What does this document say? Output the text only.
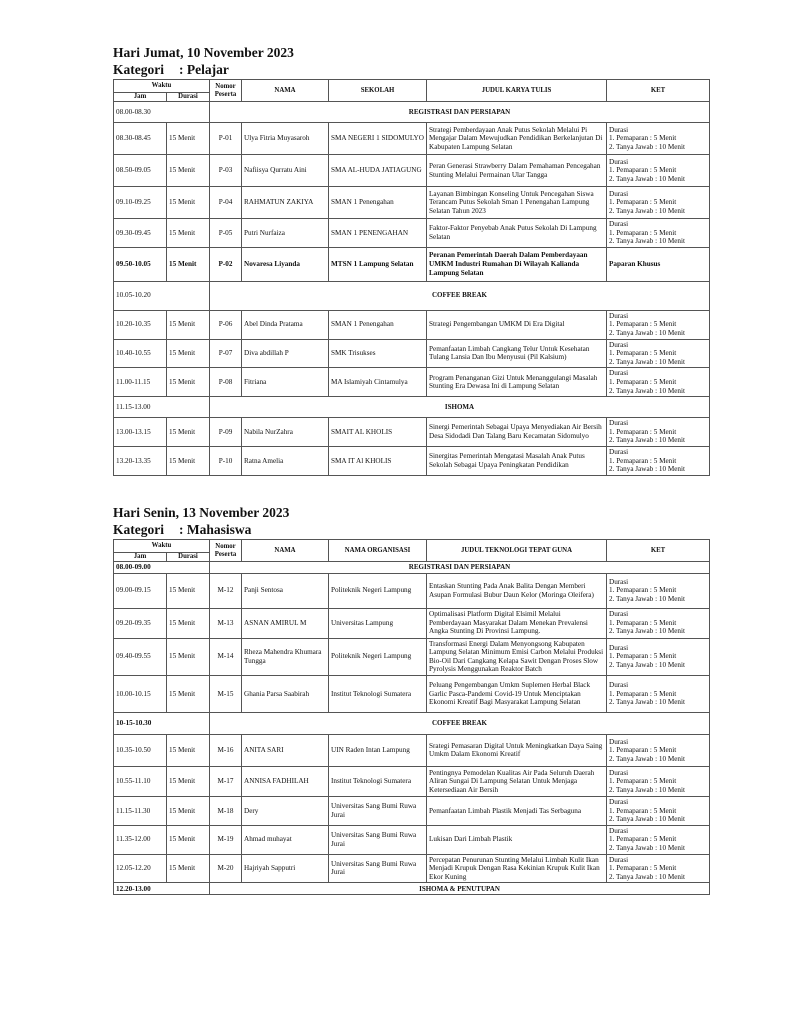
Hari Jumat, 10 November 2023

Kategori	: Pelajar

Waktu		Nomor Peserta	NAMA	SEKOLAH	JUDUL KARYA TULIS	KET
Jam	Durasi					
08.00-08.30		REGISTRASI DAN PERSIAPAN				
08.30-08.45	15 Menit	P-01	Ulya Fitria Muyasaroh	SMA NEGERI 1 SIDOMULYO	Strategi Pemberdayaan Anak Putus Sekolah Melalui Pi Mengajar Dalam Mewujudkan Pendidikan Berkelanjutan Di Kabupaten Lampung Selatan	Durasi
1. Pemaparan : 5 Menit
2. Tanya Jawab : 10 Menit

08.50-09.05	15 Menit	P-03	Nafiisya Qurratu Aini	SMA AL-HUDA JATIAGUNG	Peran Generasi Strawberry Dalam Pemahaman Pencegahan Stunting Melalui Permainan Ular Tangga	Durasi
1. Pemaparan : 5 Menit
2. Tanya Jawab : 10 Menit

09.10-09.25	15 Menit	P-04	RAHMATUN ZAKIYA	SMAN 1 Penengahan	Layanan Bimbingan Konseling Untuk Pencegahan Siswa Terancam Putus Sekolah Sman 1 Penengahan Lampung Selatan Tahun 2023	Durasi
1. Pemaparan : 5 Menit
2. Tanya Jawab : 10 Menit

09.30-09.45	15 Menit	P-05	Putri Nurfaiza	SMAN 1 PENENGAHAN	Faktor-Faktor Penyebab Anak Putus Sekolah Di Lampung Selatan	Durasi
1. Pemaparan : 5 Menit
2. Tanya Jawab : 10 Menit

09.50-10.05	15 Menit	P-02	Novaresa Liyanda	MTSN 1 Lampung Selatan	Peranan Pemerintah Daerah Dalam Pemberdayaan UMKM Industri Rumahan Di Wilayah Kalianda Lampung Selatan	Paparan Khusus

10.05-10.20		COFFEE BREAK				
10.20-10.35	15 Menit	P-06	Abel Dinda Pratama	SMAN 1 Penengahan	Strategi Pengembangan UMKM Di Era Digital	Durasi
1. Pemaparan : 5 Menit
2. Tanya Jawab : 10 Menit

10.40-10.55	15 Menit	P-07	Diva abdillah P	SMK Trisukses	Pemanfaatan Limbah Cangkang Telur Untuk Kesehatan Tulang Lansia Dan Ibu Menyusui (Pil Kalsium)	Durasi
1. Pemaparan : 5 Menit
2. Tanya Jawab : 10 Menit

11.00-11.15	15 Menit	P-08	Fitriana	MA Islamiyah Cintamulya	Program Penanganan Gizi Untuk Menanggulangi Masalah Stunting Era Dewasa Ini di Lampung Selatan	Durasi
1. Pemaparan : 5 Menit
2. Tanya Jawab : 10 Menit

11.15-13.00		ISHOMA				
13.00-13.15	15 Menit	P-09	Nabila NurZahra	SMAIT AL KHOLIS	Sinergi Pemerintah Sebagai Upaya Menyediakan Air Bersih Desa Sidodadi Dan Talang Baru Kecamatan Sidomulyo	Durasi
1. Pemaparan : 5 Menit
2. Tanya Jawab : 10 Menit

13.20-13.35	15 Menit	P-10	Ratna Amelia	SMA IT Al KHOLIS	Sinergitas Pemerintah Mengatasi Masalah Anak Putus Sekolah Sebagai Upaya Peningkatan Pendidikan	Durasi
1. Pemaparan : 5 Menit
2. Tanya Jawab : 10 Menit

Hari Senin, 13 November 2023

Kategori	: Mahasiswa

Waktu		Nomor Peserta	NAMA	NAMA ORGANISASI	JUDUL TEKNOLOGI TEPAT GUNA	KET
Jam	Durasi					
08.00-09.00		REGISTRASI DAN PERSIAPAN				
09.00-09.15	15 Menit	M-12	Panji Sentosa	Politeknik Negeri Lampung	Entaskan Stunting Pada Anak Balita Dengan Memberi Asupan Formulasi Bubur Daun Kelor (Moringa Oleifera)	Durasi
1. Pemaparan : 5 Menit
2. Tanya Jawab : 10 Menit

09.20-09.35	15 Menit	M-13	ASNAN AMIRUL M	Universitas Lampung	Optimalisasi Platform Digital Elsimil Melalui Pemberdayaan Masyarakat Dalam Menekan Prevalensi Angka Stunting Di Provinsi Lampung.	Durasi
1. Pemaparan : 5 Menit
2. Tanya Jawab : 10 Menit

09.40-09.55	15 Menit	M-14	Rheza Mahendra Khumara Tungga	Politeknik Negeri Lampung	Transformasi Energi Dalam Menyongsong Kabupaten Lampung Selatan Minimum Emisi Carbon Melalui Produksi Bio-Oil Dari Cangkang Kelapa Sawit Dengan Proses Slow Pyrolysis Menggunakan Reaktor Batch	Durasi
1. Pemaparan : 5 Menit
2. Tanya Jawab : 10 Menit

10.00-10.15	15 Menit	M-15	Ghania Parsa Saabirah	Institut Teknologi Sumatera	Peluang Pengembangan Umkm Suplemen Herbal Black Garlic Pasca-Pandemi Covid-19 Untuk Menciptakan Ekonomi Kreatif Bagi Masyarakat Lampung Selatan	Durasi
1. Pemaparan : 5 Menit
2. Tanya Jawab : 10 Menit

10-15-10.30		COFFEE BREAK				
10.35-10.50	15 Menit	M-16	ANITA SARI	UIN Raden Intan Lampung	Srategi Pemasaran Digital Untuk Meningkatkan Daya Saing Umkm Dalam Ekonomi Kreatif	Durasi
1. Pemaparan : 5 Menit
2. Tanya Jawab : 10 Menit

10.55-11.10	15 Menit	M-17	ANNISA FADHILAH	Institut Teknologi Sumatera	Pentingnya Pemodelan Kualitas Air Pada Seluruh Daerah Aliran Sungai Di Lampung Selatan Untuk Menjaga Ketersediaan Air Bersih	Durasi
1. Pemaparan : 5 Menit
2. Tanya Jawab : 10 Menit

11.15-11.30	15 Menit	M-18	Dery	Universitas Sang Bumi Ruwa Jurai	Pemanfaatan Limbah Plastik Menjadi Tas Serbaguna	Durasi
1. Pemaparan : 5 Menit
2. Tanya Jawab : 10 Menit

11.35-12.00	15 Menit	M-19	Ahmad muhayat	Universitas Sang Bumi Ruwa Jurai	Lukisan Dari Limbah Plastik	Durasi
1. Pemaparan : 5 Menit
2. Tanya Jawab : 10 Menit

12.05-12.20	15 Menit	M-20	Hajriyah Sapputri	Universitas Sang Bumi Ruwa Jurai	Percepatan Penurunan Stunting Melalui Limbah Kulit Ikan Menjadi Krupuk Dengan Rasa Kekinian Krupuk Kulit Ikan Ekor Kuning	Durasi
1. Pemaparan : 5 Menit
2. Tanya Jawab : 10 Menit

12.20-13.00		ISHOMA & PENUTUPAN				
